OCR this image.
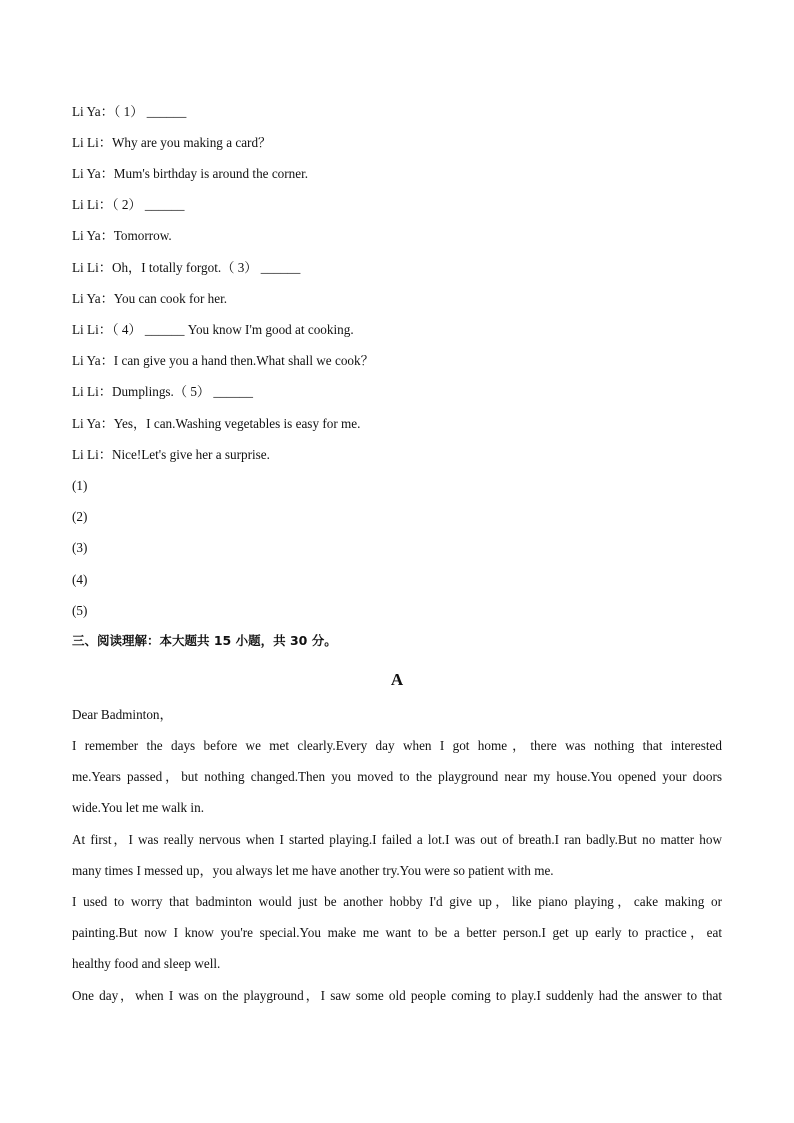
Li Ya：（ 1） ______
Li Li：Why are you making a card？
Li Ya：Mum's birthday is around the corner.
Li Li：（ 2） ______
Li Ya：Tomorrow.
Li Li：Oh，I totally forgot.（ 3） ______
Li Ya：You can cook for her.
Li Li：（ 4） ______ You know I'm good at cooking.
Li Ya：I can give you a hand then.What shall we cook？
Li Li：Dumplings.（ 5） ______
Li Ya：Yes，I can.Washing vegetables is easy for me.
Li Li：Nice!Let's give her a surprise.
(1)
(2)
(3)
(4)
(5)
三、阅读理解：本大题共 15 小题，共 30 分。
A
Dear Badminton，
I remember the days before we met clearly.Every day when I got home，there was nothing that interested
me.Years passed，but nothing changed.Then you moved to the playground near my house.You opened your doors
wide.You let me walk in.
At first，I was really nervous when I started playing.I failed a lot.I was out of breath.I ran badly.But no matter how
many times I messed up，you always let me have another try.You were so patient with me.
I used to worry that badminton would just be another hobby I'd give up，like piano playing，cake making or
painting.But now I know you're special.You make me want to be a better person.I get up early to practice，eat
healthy food and sleep well.
One day，when I was on the playground，I saw some old people coming to play.I suddenly had the answer to that
